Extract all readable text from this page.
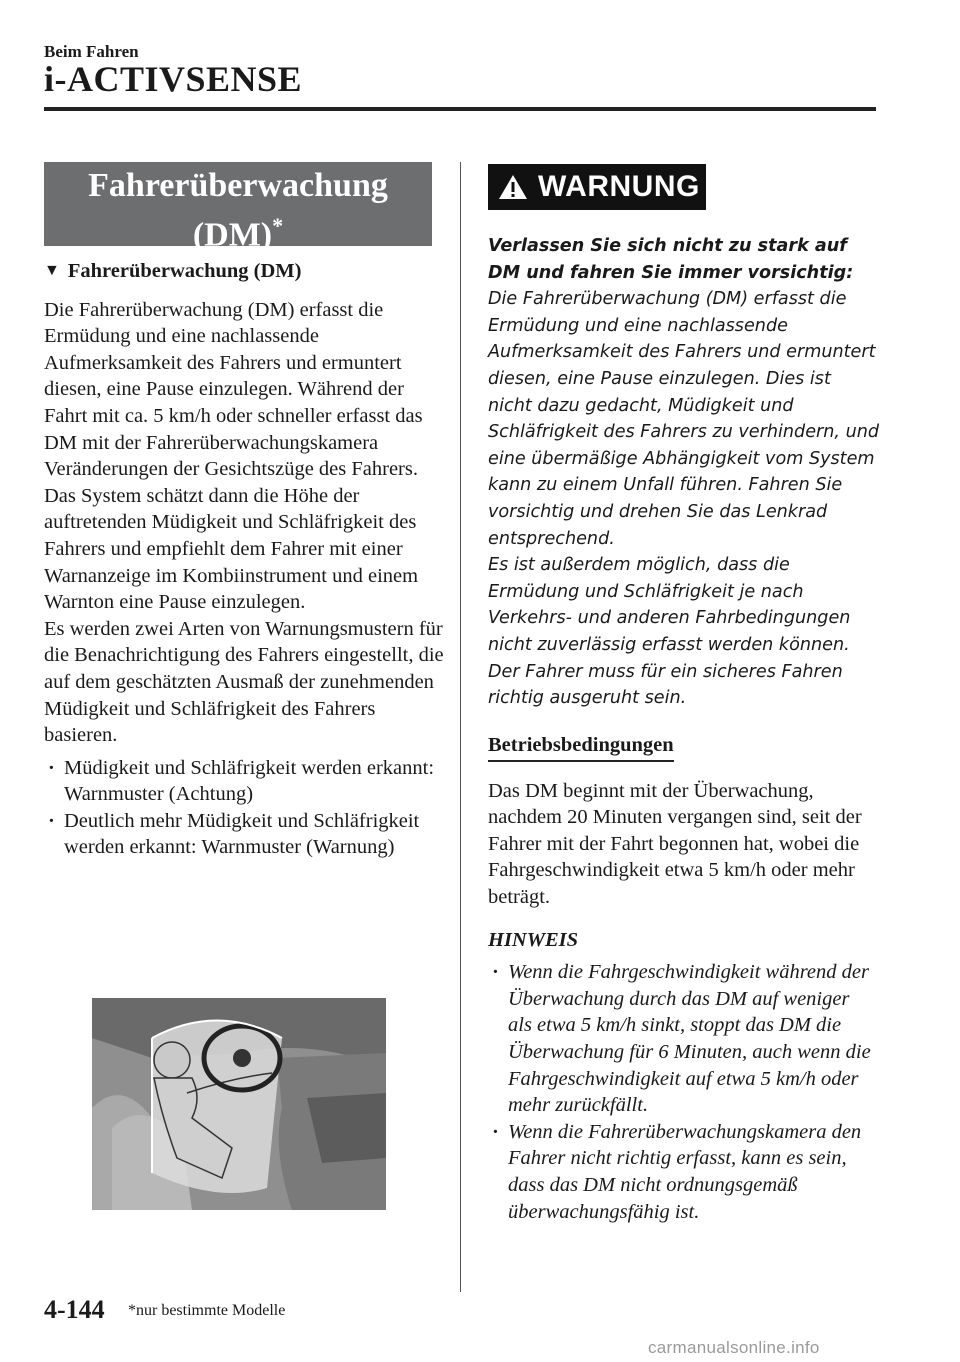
Beim Fahren
i-ACTIVSENSE
Fahrerüberwachung
(DM)*
▼ Fahrerüberwachung (DM)

Die Fahrerüberwachung (DM) erfasst die Ermüdung und eine nachlassende Aufmerksamkeit des Fahrers und ermuntert diesen, eine Pause einzulegen. Während der Fahrt mit ca. 5 km/h oder schneller erfasst das DM mit der Fahrerüberwachungskamera Veränderungen der Gesichtszüge des Fahrers. Das System schätzt dann die Höhe der auftretenden Müdigkeit und Schläfrigkeit des Fahrers und empfiehlt dem Fahrer mit einer Warnanzeige im Kombiinstrument und einem Warnton eine Pause einzulegen.

Es werden zwei Arten von Warnungsmustern für die Benachrichtigung des Fahrers eingestellt, die auf dem geschätzten Ausmaß der zunehmenden Müdigkeit und Schläfrigkeit des Fahrers basieren.

· Müdigkeit und Schläfrigkeit werden erkannt: Warnmuster (Achtung)
· Deutlich mehr Müdigkeit und Schläfrigkeit werden erkannt: Warnmuster (Warnung)
WARNUNG
Verlassen Sie sich nicht zu stark auf DM und fahren Sie immer vorsichtig:
Die Fahrerüberwachung (DM) erfasst die Ermüdung und eine nachlassende Aufmerksamkeit des Fahrers und ermuntert diesen, eine Pause einzulegen. Dies ist nicht dazu gedacht, Müdigkeit und Schläfrigkeit des Fahrers zu verhindern, und eine übermäßige Abhängigkeit vom System kann zu einem Unfall führen. Fahren Sie vorsichtig und drehen Sie das Lenkrad entsprechend.
Es ist außerdem möglich, dass die Ermüdung und Schläfrigkeit je nach Verkehrs- und anderen Fahrbedingungen nicht zuverlässig erfasst werden können. Der Fahrer muss für ein sicheres Fahren richtig ausgeruht sein.
Betriebsbedingungen

Das DM beginnt mit der Überwachung, nachdem 20 Minuten vergangen sind, seit der Fahrer mit der Fahrt begonnen hat, wobei die Fahrgeschwindigkeit etwa 5 km/h oder mehr beträgt.

HINWEIS
· Wenn die Fahrgeschwindigkeit während der Überwachung durch das DM auf weniger als etwa 5 km/h sinkt, stoppt das DM die Überwachung für 6 Minuten, auch wenn die Fahrgeschwindigkeit auf etwa 5 km/h oder mehr zurückfällt.
· Wenn die Fahrerüberwachungskamera den Fahrer nicht richtig erfasst, kann es sein, dass das DM nicht ordnungsgemäß überwachungsfähig ist.
4-144 *nur bestimmte Modelle
carmanualsonline.info
